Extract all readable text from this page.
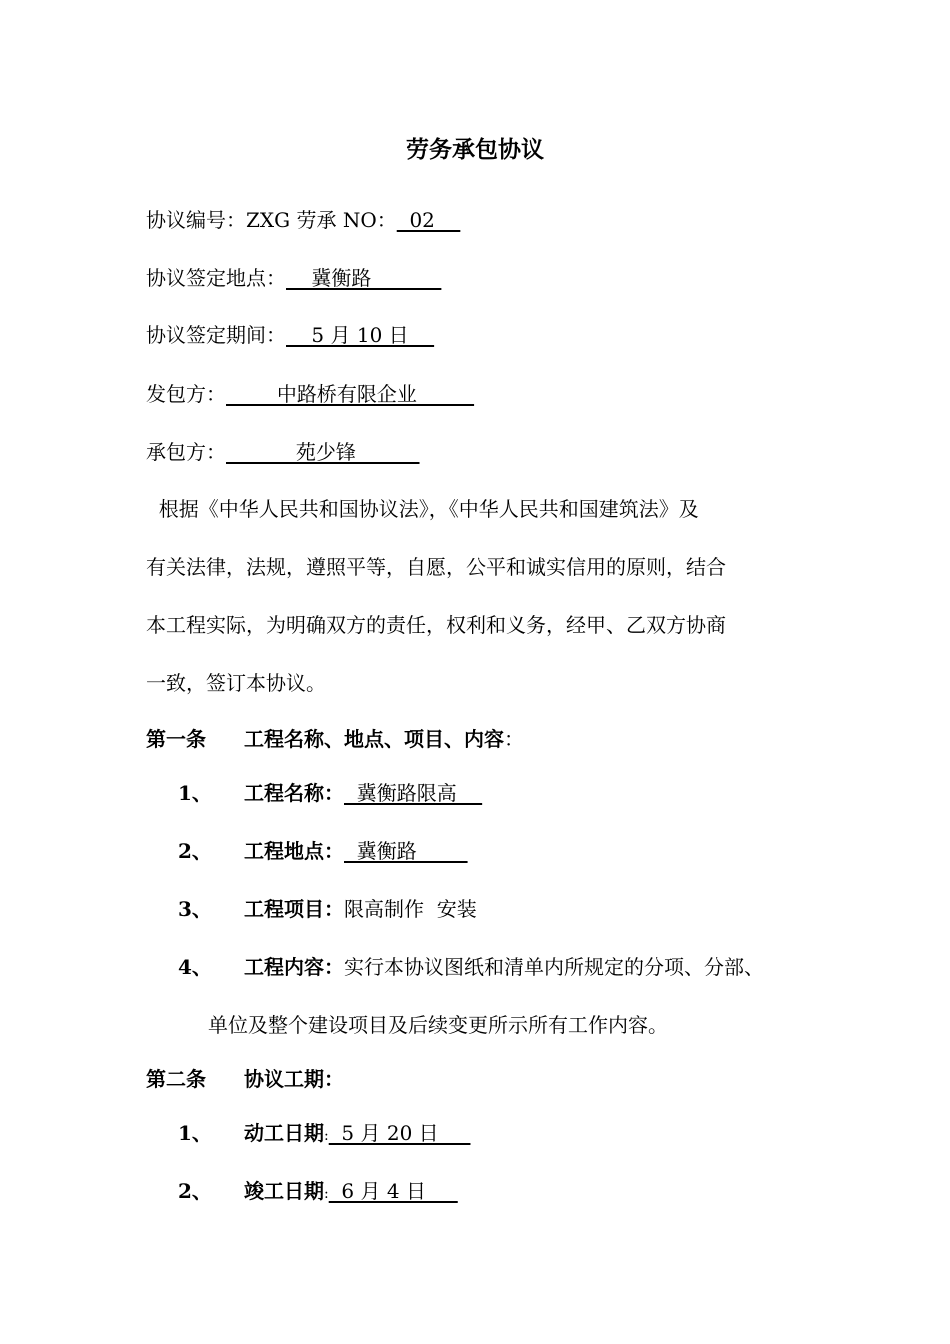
劳务承包协议
协议编号：ZXG 劳承 NO：  02
协议签定地点：    冀衡路
协议签定期间：    5 月 10 日
发包方：        中路桥有限企业
承包方：           苑少锋
根据《中华人民共和国协议法》，《中华人民共和国建筑法》及
有关法律，法规，遵照平等，自愿，公平和诚实信用的原则，结合
本工程实际，为明确双方的责任，权利和义务，经甲、乙双方协商
一致，签订本协议。
第一条 工程名称、地点、项目、内容：
1、 工程名称：  冀衡路限高
2、 工程地点：  冀衡路
3、 工程项目：限高制作  安装
4、 工程内容：实行本协议图纸和清单内所规定的分项、分部、
单位及整个建设项目及后续变更所示所有工作内容。
第二条 协议工期：
1、 动工日期:  5 月 20 日
2、 竣工日期:  6 月 4 日
